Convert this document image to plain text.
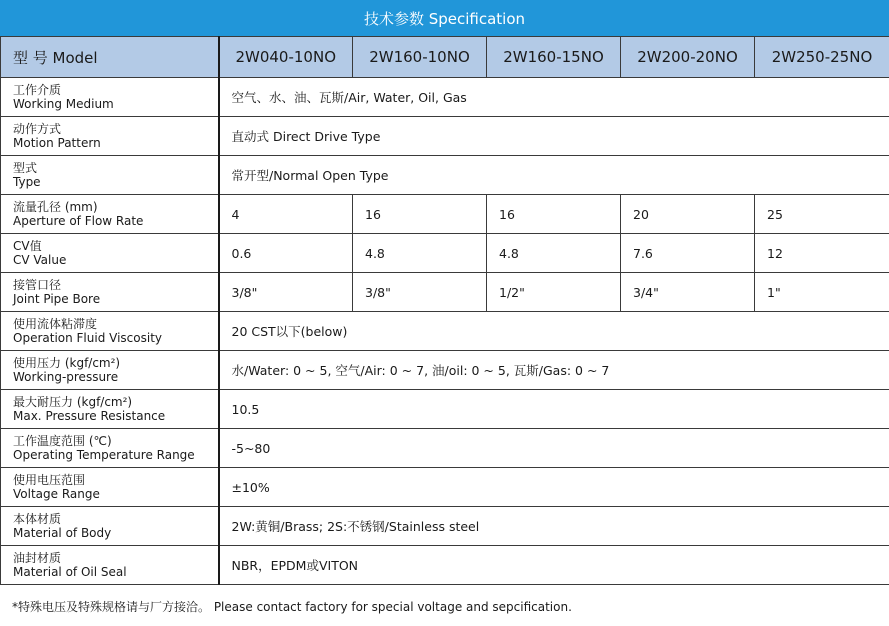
技术参数 Specification
型 号 Model	2W040-10NO	2W160-10NO	2W160-15NO	2W200-20NO	2W250-25NO

工作介质
Working Medium	空气、水、油、瓦斯/Air, Water, Oil, Gas				

动作方式
Motion Pattern	直动式 Direct Drive Type				

型式
Type	常开型/Normal Open Type				

流量孔径 (mm)
Aperture of Flow Rate	4	16	16	20	25

CV值
CV Value	0.6	4.8	4.8	7.6	12

接管口径
Joint Pipe Bore	3/8"	3/8"	1/2"	3/4"	1"

使用流体粘滞度
Operation Fluid Viscosity	20 CST以下(below)				

使用压力 (kgf/cm²)
Working-pressure	水/Water: 0 ~ 5, 空气/Air: 0 ~ 7, 油/oil: 0 ~ 5, 瓦斯/Gas: 0 ~ 7				

最大耐压力 (kgf/cm²)
Max. Pressure Resistance	10.5				

工作温度范围 (℃)
Operating Temperature Range	-5~80				

使用电压范围
Voltage Range	±10%				

本体材质
Material of Body	2W:黄铜/Brass; 2S:不锈钢/Stainless steel				

油封材质
Material of Oil Seal	NBR，EPDM或VITON				
*特殊电压及特殊规格请与厂方接洽。 Please contact factory for special voltage and sepcification.
